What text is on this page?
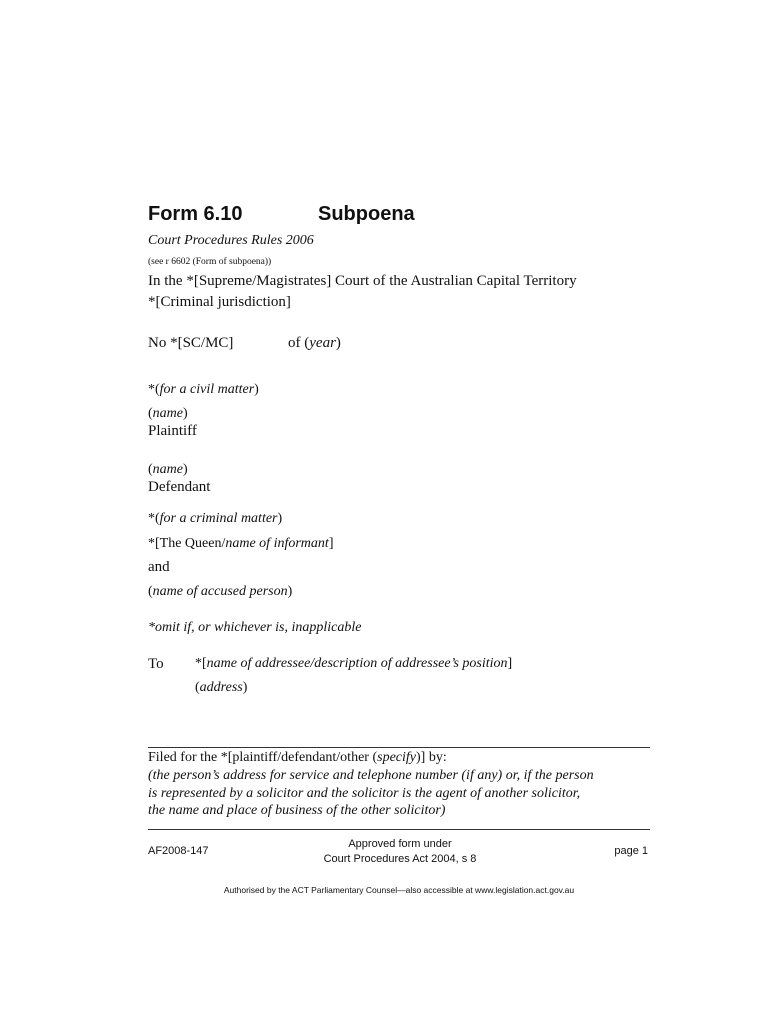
Form 6.10	Subpoena
Court Procedures Rules 2006
(see r 6602 (Form of subpoena))
In the *[Supreme/Magistrates] Court of the Australian Capital Territory
*[Criminal jurisdiction]
No *[SC/MC]	of (year)
*(for a civil matter)
(name)
Plaintiff
(name)
Defendant
*(for a criminal matter)
*[The Queen/name of informant]
and
(name of accused person)
*omit if, or whichever is, inapplicable
To *[name of addressee/description of addressee’s position]
(address)
Filed for the *[plaintiff/defendant/other (specify)] by:
(the person’s address for service and telephone number (if any) or, if the person
is represented by a solicitor and the solicitor is the agent of another solicitor,
the name and place of business of the other solicitor)
AF2008-147
Approved form under
Court Procedures Act 2004, s 8
page 1
Authorised by the ACT Parliamentary Counsel—also accessible at www.legislation.act.gov.au
